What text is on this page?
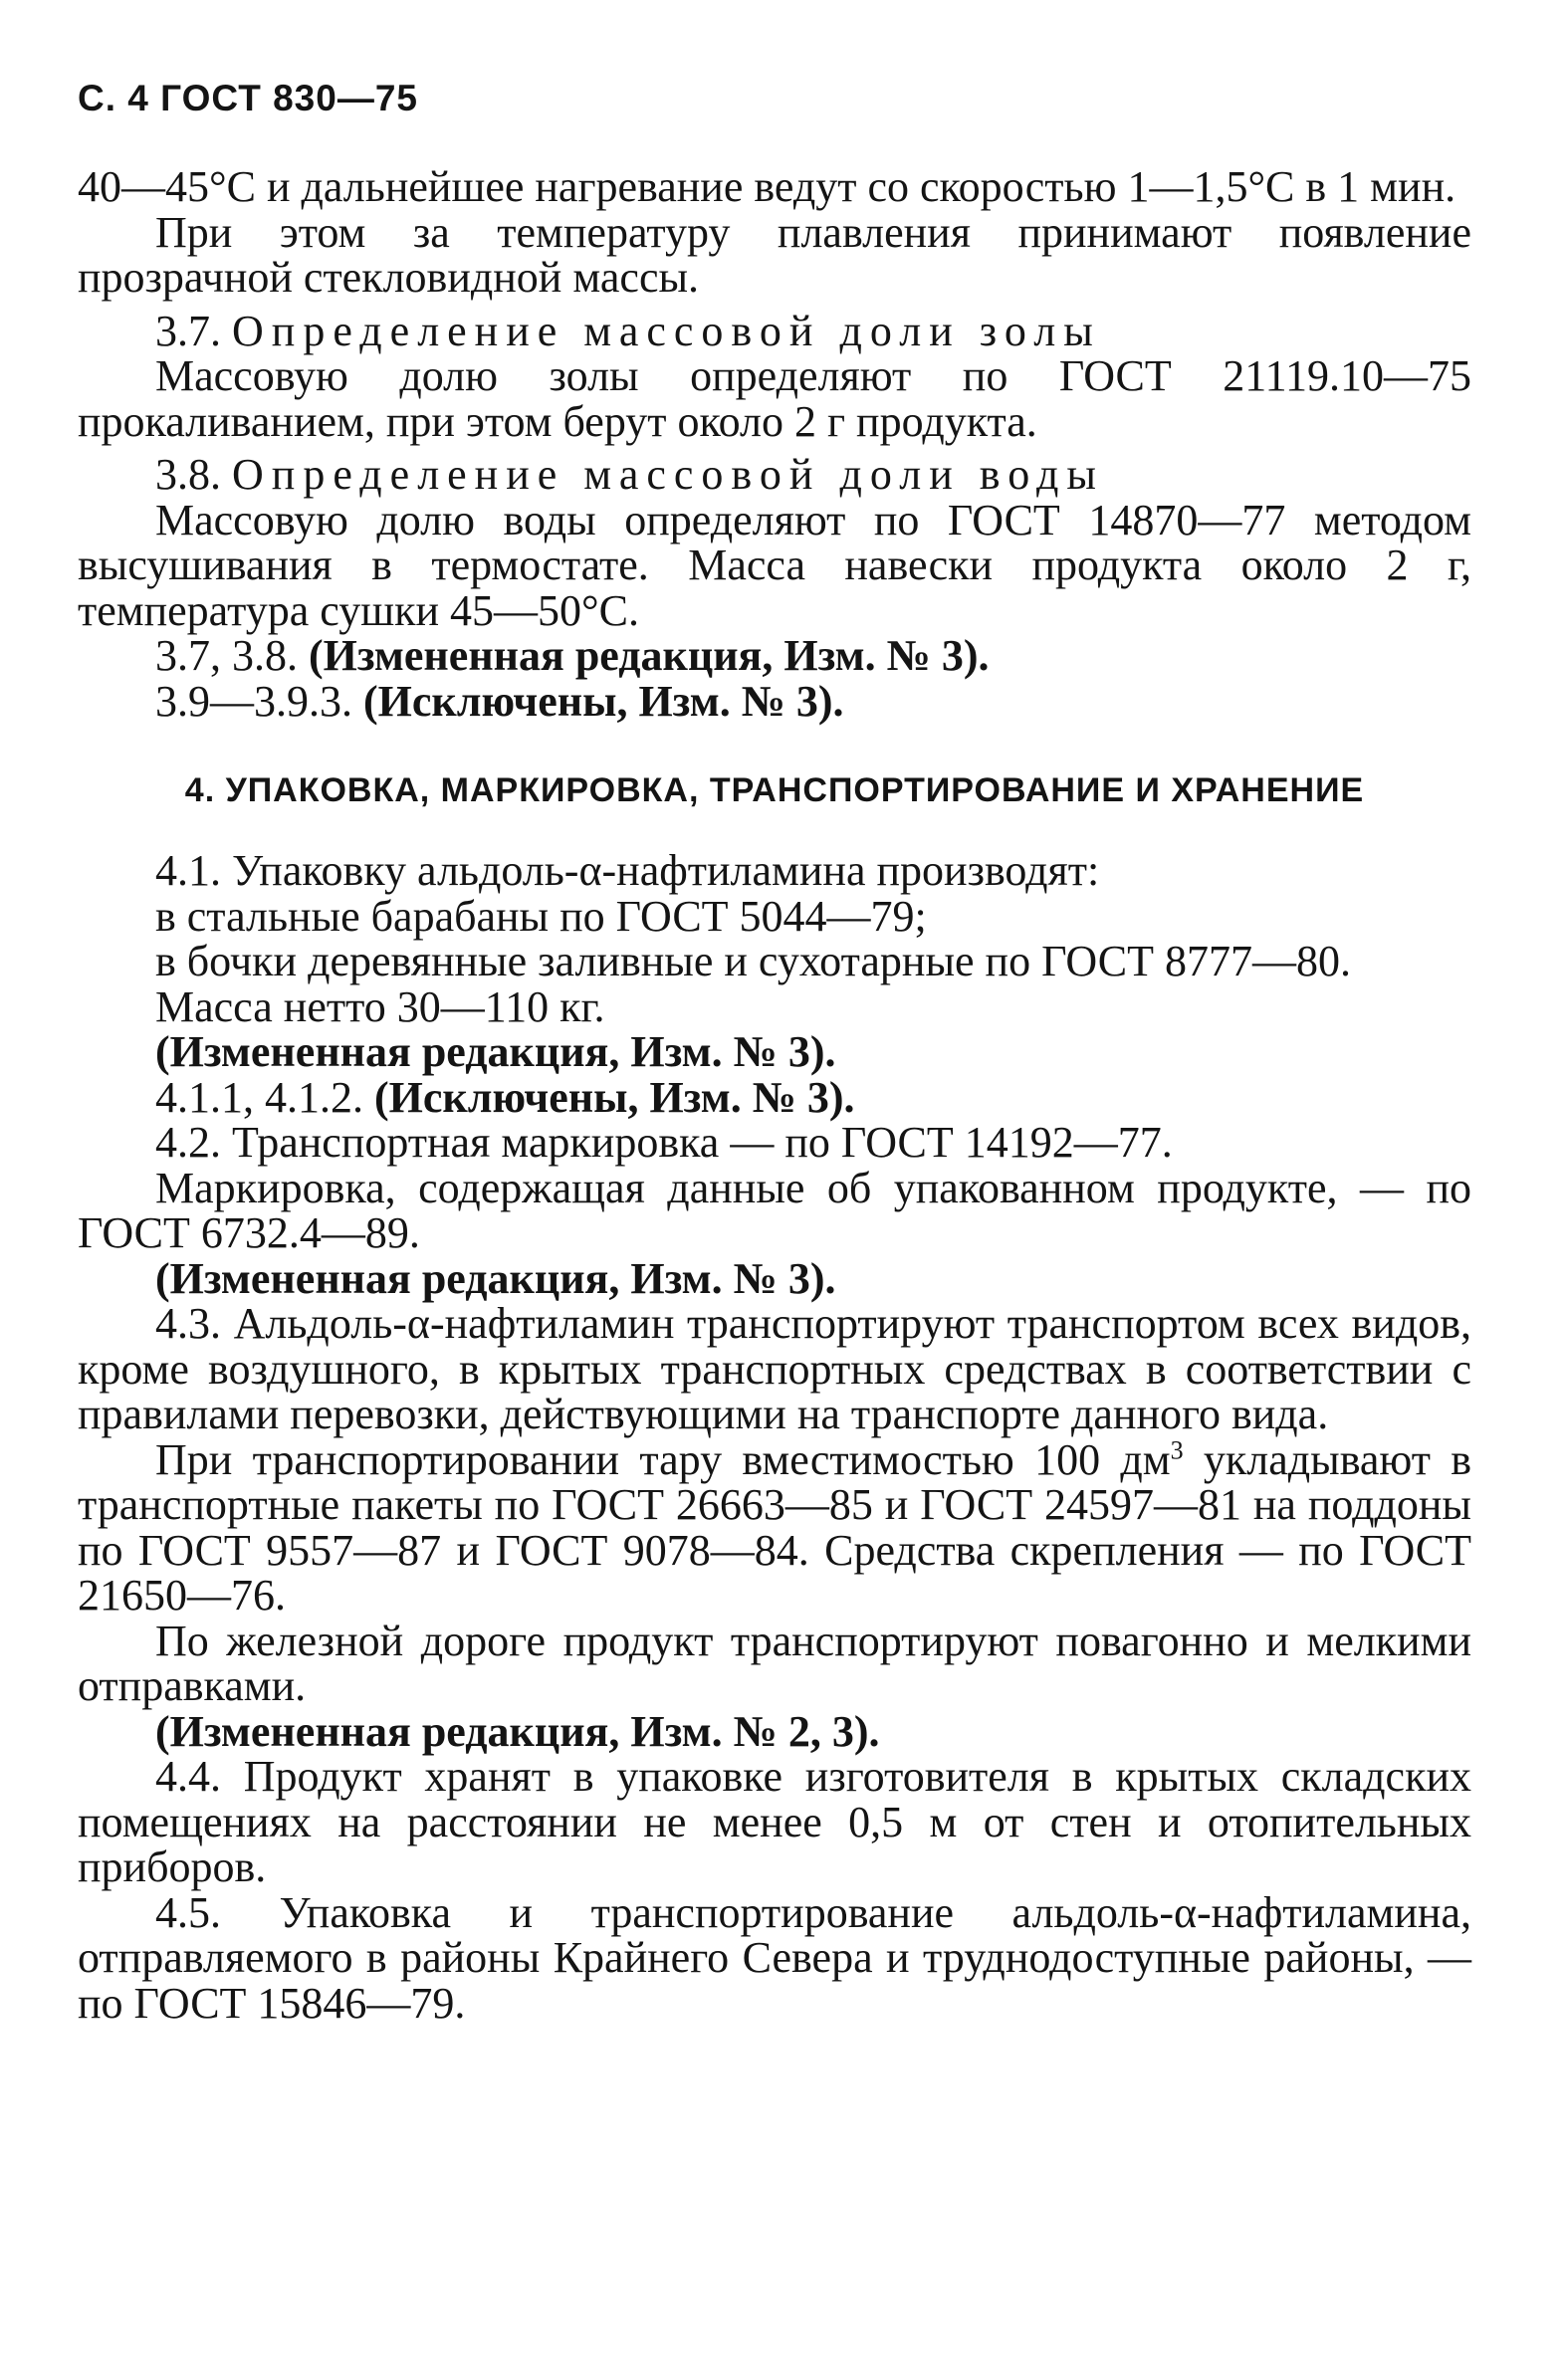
С. 4 ГОСТ 830—75

40—45°С и дальнейшее нагревание ведут со скоростью 1—1,5°С в 1 мин.

При этом за температуру плавления принимают появление прозрачной стекловидной массы.

3.7. Определение массовой доли золы

Массовую долю золы определяют по ГОСТ 21119.10—75 прокаливанием, при этом берут около 2 г продукта.

3.8. Определение массовой доли воды

Массовую долю воды определяют по ГОСТ 14870—77 методом высушивания в термостате. Масса навески продукта около 2 г, температура сушки 45—50°С.

3.7, 3.8. (Измененная редакция, Изм. № 3).

3.9—3.9.3. (Исключены, Изм. № 3).

4. УПАКОВКА, МАРКИРОВКА, ТРАНСПОРТИРОВАНИЕ И ХРАНЕНИЕ

4.1. Упаковку альдоль-α-нафтиламина производят:

в стальные барабаны по ГОСТ 5044—79;

в бочки деревянные заливные и сухотарные по ГОСТ 8777—80.

Масса нетто 30—110 кг.

(Измененная редакция, Изм. № 3).

4.1.1, 4.1.2. (Исключены, Изм. № 3).

4.2. Транспортная маркировка — по ГОСТ 14192—77.

Маркировка, содержащая данные об упакованном продукте, — по ГОСТ 6732.4—89.

(Измененная редакция, Изм. № 3).

4.3. Альдоль-α-нафтиламин транспортируют транспортом всех видов, кроме воздушного, в крытых транспортных средствах в соответствии с правилами перевозки, действующими на транспорте данного вида.

При транспортировании тару вместимостью 100 $дм^3$ укладывают в транспортные пакеты по ГОСТ 26663—85 и ГОСТ 24597—81 на поддоны по ГОСТ 9557—87 и ГОСТ 9078—84. Средства скрепления — по ГОСТ 21650—76.

По железной дороге продукт транспортируют повагонно и мелкими отправками.

(Измененная редакция, Изм. № 2, 3).

4.4. Продукт хранят в упаковке изготовителя в крытых складских помещениях на расстоянии не менее 0,5 м от стен и отопительных приборов.

4.5. Упаковка и транспортирование альдоль-α-нафтиламина, отправляемого в районы Крайнего Севера и труднодоступные районы, — по ГОСТ 15846—79.
